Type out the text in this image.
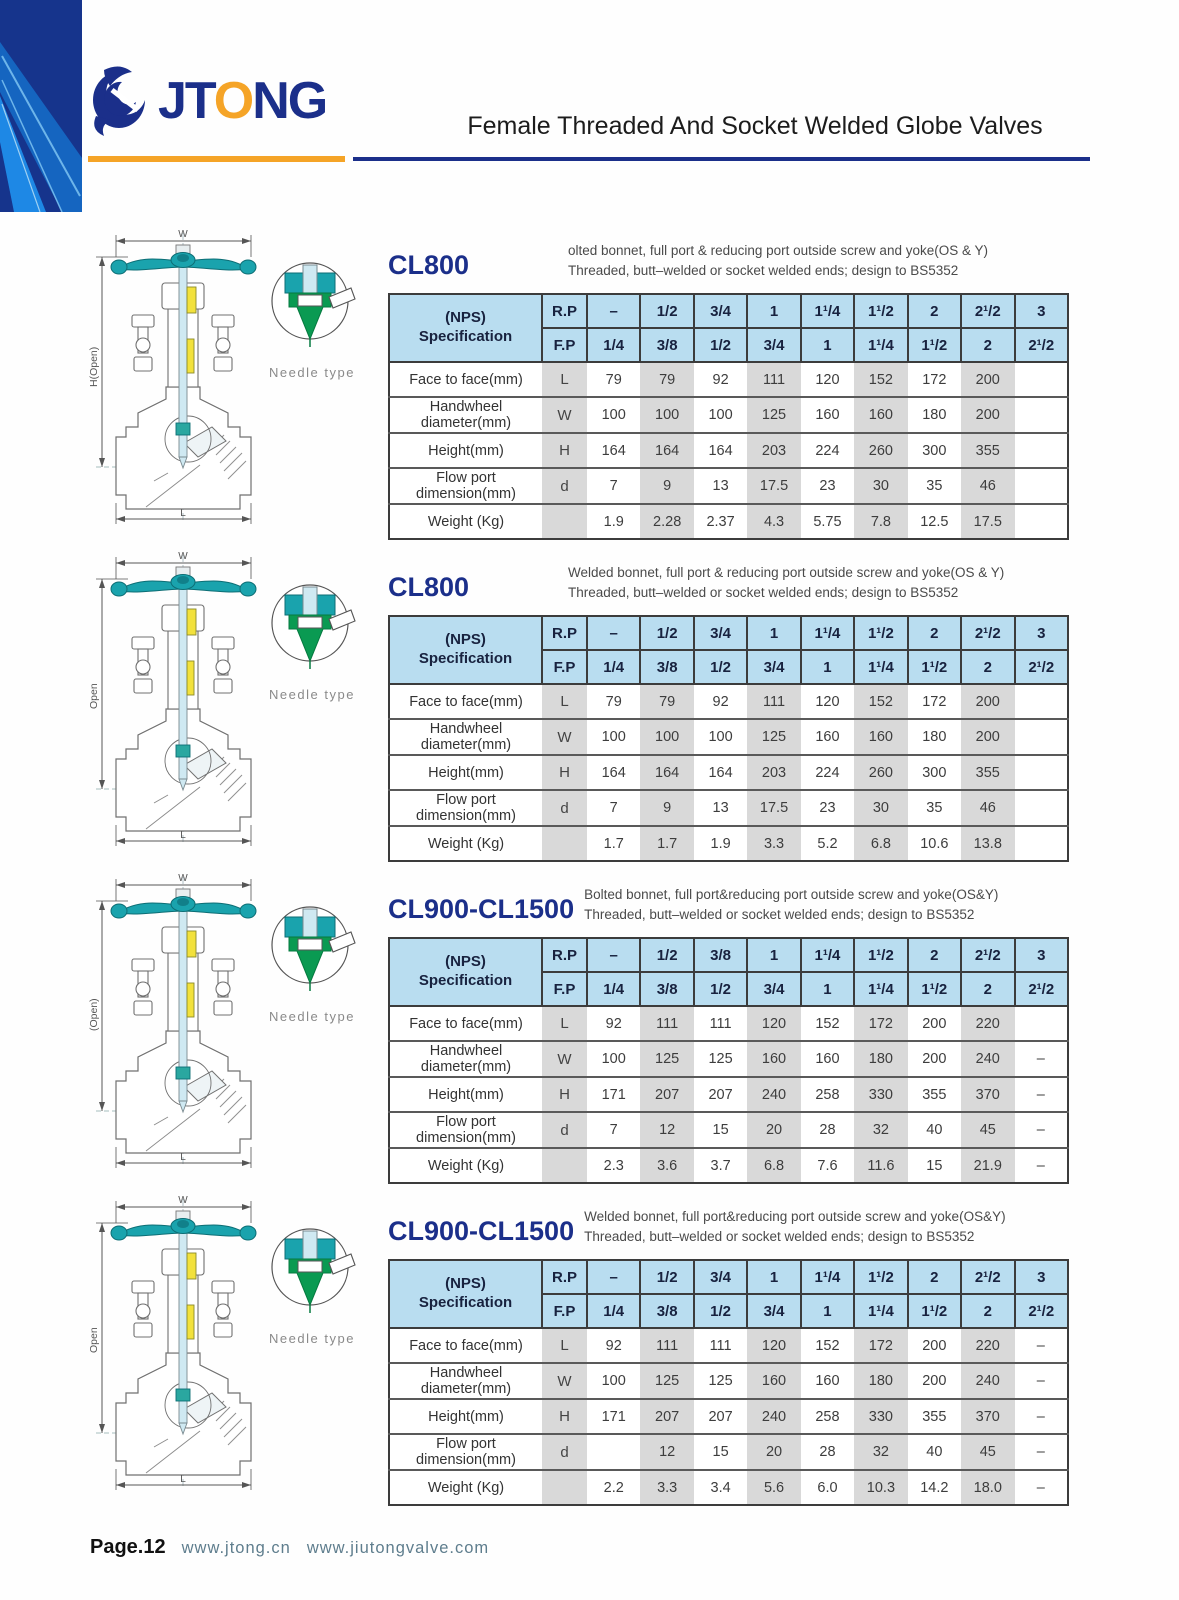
JTONG	Female Threaded And Socket Welded Globe Valves
W
H(Open)
L
Needle type
CL800	olted bonnet, full port & reducing port outside screw and yoke(OS & Y)
Threaded, butt–welded or socket welded ends; design to BS5352
(NPS)
Specification	R.P	–	1/2	3/4	1	1¹/4	1¹/2	2	2¹/2	3
	F.P	1/4	3/8	1/2	3/4	1	1¹/4	1¹/2	2	2¹/2
Face to face(mm)	L	79	79	92	111	120	152	172	200	
Handwheel diameter(mm)	W	100	100	100	125	160	160	180	200	
Height(mm)	H	164	164	164	203	224	260	300	355	
Flow port dimension(mm)	d	7	9	13	17.5	23	30	35	46	
Weight (Kg)		1.9	2.28	2.37	4.3	5.75	7.8	12.5	17.5	
W
Open
L
Needle type
CL800	Welded bonnet, full port & reducing port outside screw and yoke(OS & Y)
Threaded, butt–welded or socket welded ends; design to BS5352
(NPS)
Specification	R.P	–	1/2	3/4	1	1¹/4	1¹/2	2	2¹/2	3
	F.P	1/4	3/8	1/2	3/4	1	1¹/4	1¹/2	2	2¹/2
Face to face(mm)	L	79	79	92	111	120	152	172	200	
Handwheel diameter(mm)	W	100	100	100	125	160	160	180	200	
Height(mm)	H	164	164	164	203	224	260	300	355	
Flow port dimension(mm)	d	7	9	13	17.5	23	30	35	46	
Weight (Kg)		1.7	1.7	1.9	3.3	5.2	6.8	10.6	13.8	
W
(Open)
L
Needle type
CL900-CL1500 Bolted bonnet, full port&reducing port outside screw and yoke(OS&Y)
Threaded, butt–welded or socket welded ends; design to BS5352
(NPS)
Specification	R.P	–	1/2	3/8	1	1¹/4	1¹/2	2	2¹/2	3
	F.P	1/4	3/8	1/2	3/4	1	1¹/4	1¹/2	2	2¹/2
Face to face(mm)	L	92	111	111	120	152	172	200	220	
Handwheel diameter(mm)	W	100	125	125	160	160	180	200	240	–
Height(mm)	H	171	207	207	240	258	330	355	370	–
Flow port dimension(mm)	d	7	12	15	20	28	32	40	45	–
Weight (Kg)		2.3	3.6	3.7	6.8	7.6	11.6	15	21.9	–
W
Open
L
Needle type
CL900-CL1500 Welded bonnet, full port&reducing port outside screw and yoke(OS&Y)
Threaded, butt–welded or socket welded ends; design to BS5352
(NPS)
Specification	R.P	–	1/2	3/4	1	1¹/4	1¹/2	2	2¹/2	3
	F.P	1/4	3/8	1/2	3/4	1	1¹/4	1¹/2	2	2¹/2
Face to face(mm)	L	92	111	111	120	152	172	200	220	–
Handwheel diameter(mm)	W	100	125	125	160	160	180	200	240	–
Height(mm)	H	171	207	207	240	258	330	355	370	–
Flow port dimension(mm)	d		12	15	20	28	32	40	45	–
Weight (Kg)		2.2	3.3	3.4	5.6	6.0	10.3	14.2	18.0	–
Page.12 www.jtong.cn www.jiutongvalve.com
